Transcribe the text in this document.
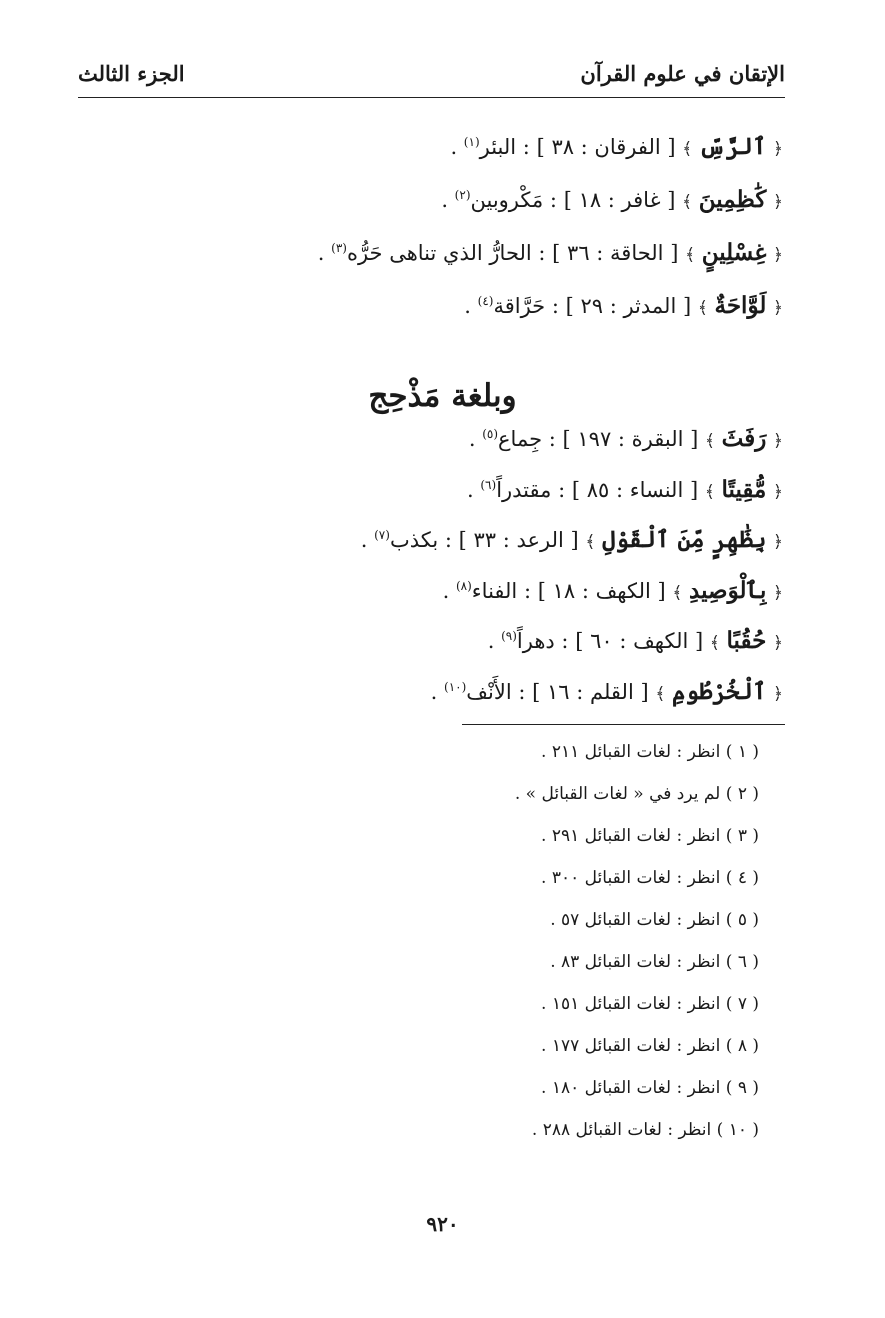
الإتقان في علوم القرآن
الجزء الثالث
﴿ ٱلرَّسِّ ﴾ [ الفرقان : ٣٨ ] : البئر$^{(١)}$ .
﴿ كَٰظِمِينَ ﴾ [ غافر : ١٨ ] : مَكْروبين$^{(٢)}$ .
﴿ غِسْلِينٍ ﴾ [ الحاقة : ٣٦ ] : الحارُّ الذي تناهى حَرُّه$^{(٣)}$ .
﴿ لَوَّاحَةٌ ﴾ [ المدثر : ٢٩ ] : حَرَّاقة$^{(٤)}$ .
وبلغة مَذْحِج
﴿ رَفَثَ ﴾ [ البقرة : ١٩٧ ] : جِماع$^{(٥)}$ .
﴿ مُّقِيتًا ﴾ [ النساء : ٨٥ ] : مقتدراً$^{(٦)}$ .
﴿ بِظَٰهِرٍ مِّنَ ٱلْقَوْلِ ﴾ [ الرعد : ٣٣ ] : بكذب$^{(٧)}$ .
﴿ بِٱلْوَصِيدِ ﴾ [ الكهف : ١٨ ] : الفناء$^{(٨)}$ .
﴿ حُقُبًا ﴾ [ الكهف : ٦٠ ] : دهراً$^{(٩)}$ .
﴿ ٱلْخُرْطُومِ ﴾ [ القلم : ١٦ ] : الأَنْف$^{(١٠)}$ .
( ١ ) انظر : لغات القبائل ٢١١ .
( ٢ ) لم يرد في « لغات القبائل » .
( ٣ ) انظر : لغات القبائل ٢٩١ .
( ٤ ) انظر : لغات القبائل ٣٠٠ .
( ٥ ) انظر : لغات القبائل ٥٧ .
( ٦ ) انظر : لغات القبائل ٨٣ .
( ٧ ) انظر : لغات القبائل ١٥١ .
( ٨ ) انظر : لغات القبائل ١٧٧ .
( ٩ ) انظر : لغات القبائل ١٨٠ .
( ١٠ ) انظر : لغات القبائل ٢٨٨ .
٩٢٠
